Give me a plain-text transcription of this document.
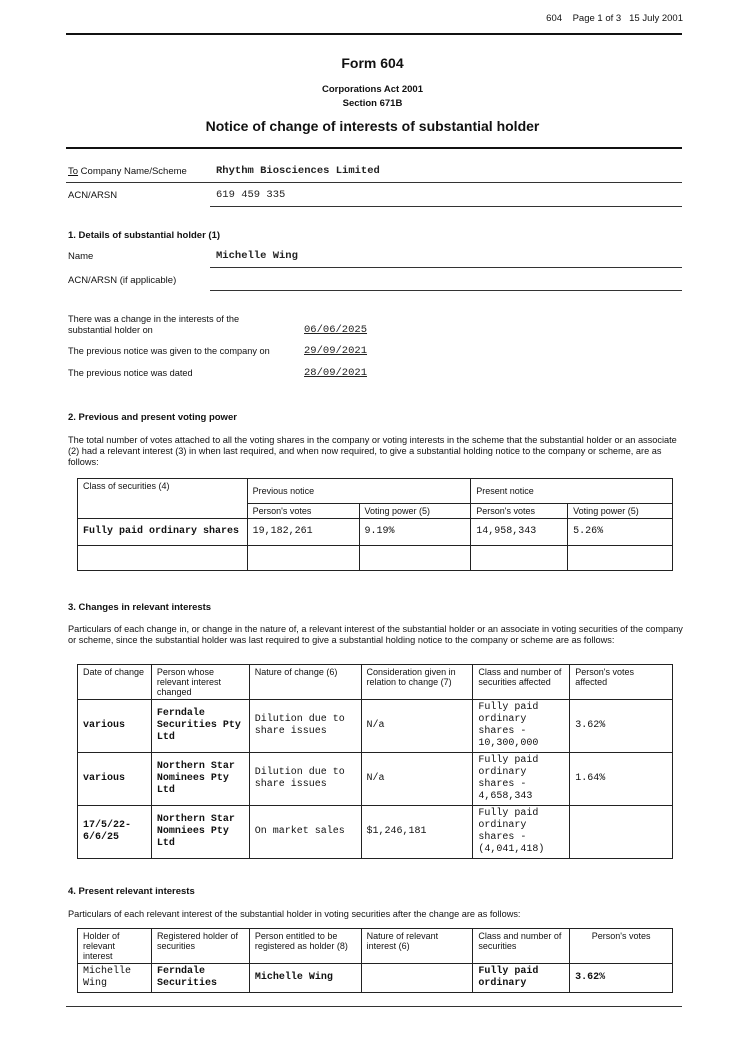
604 Page 1 of 3 15 July 2001
Form 604
Corporations Act 2001
Section 671B
Notice of change of interests of substantial holder
To Company Name/Scheme	Rhythm Biosciences Limited
ACN/ARSN	619 459 335
1. Details of substantial holder (1)
Name	Michelle Wing
ACN/ARSN (if applicable)
There was a change in the interests of the
substantial holder on	06/06/2025
The previous notice was given to the company on	29/09/2021
The previous notice was dated	28/09/2021
2. Previous and present voting power
The total number of votes attached to all the voting shares in the company or voting interests in the scheme that the substantial holder or an associate (2) had a relevant interest (3) in when last required, and when now required, to give a substantial holding notice to the company or scheme, are as follows:
Class of securities (4)	Previous notice		Present notice	
	Person's votes	Voting power (5)	Person's votes	Voting power (5)
Fully paid ordinary shares	19,182,261	9.19%	14,958,343	5.26%

3. Changes in relevant interests
Particulars of each change in, or change in the nature of, a relevant interest of the substantial holder or an associate in voting securities of the company or scheme, since the substantial holder was last required to give a substantial holding notice to the company or scheme are as follows:
Date of change	Person whose relevant interest changed	Nature of change (6)	Consideration given in relation to change (7)	Class and number of securities affected	Person's votes affected
various	Ferndale Securities Pty Ltd	Dilution due to share issues	N/a	Fully paid ordinary shares - 10,300,000	3.62%
various	Northern Star Nominees Pty Ltd	Dilution due to share issues	N/a	Fully paid ordinary shares - 4,658,343	1.64%
17/5/22-6/6/25	Northern Star Nomniees Pty Ltd	On market sales	$1,246,181	Fully paid ordinary shares - (4,041,418)	
4. Present relevant interests
Particulars of each relevant interest of the substantial holder in voting securities after the change are as follows:
Holder of relevant interest	Registered holder of securities	Person entitled to be registered as holder (8)	Nature of relevant interest (6)	Class and number of securities	Person's votes
Michelle Wing	Ferndale Securities	Michelle Wing		Fully paid ordinary	3.62%
